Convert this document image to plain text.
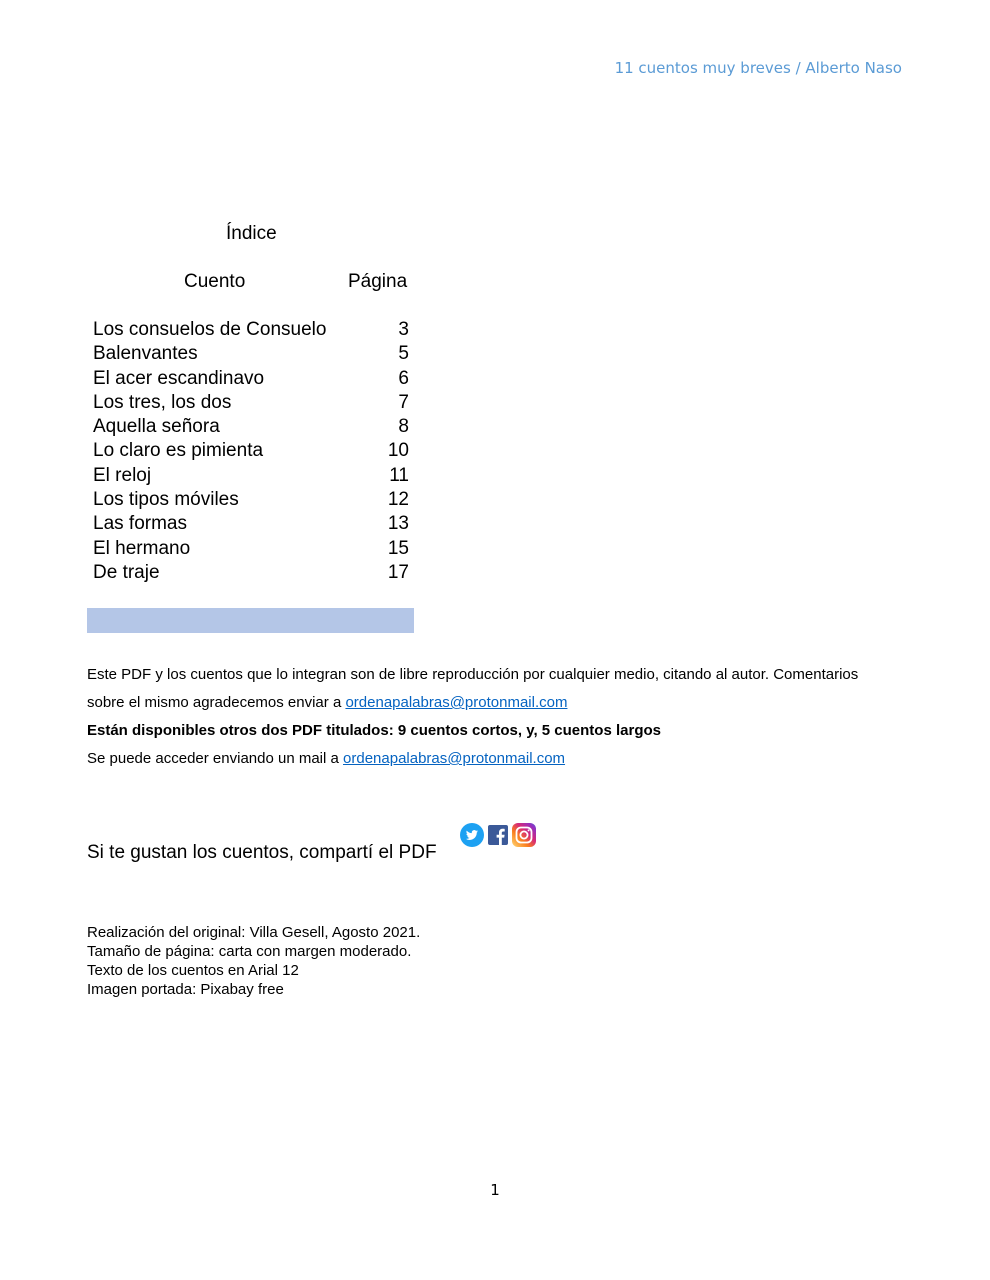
11 cuentos muy breves / Alberto Naso
Índice
Cuento	Página
Los consuelos de Consuelo	3
Balenvantes	5
El acer escandinavo	6
Los tres, los dos	7
Aquella señora	8
Lo claro es pimienta	10
El reloj	11
Los tipos móviles	12
Las formas	13
El hermano	15
De traje	17
Este PDF y los cuentos que lo integran son de libre reproducción por cualquier medio, citando al autor. Comentarios
sobre el mismo agradecemos enviar a ordenapalabras@protonmail.com
Están disponibles otros dos PDF titulados: 9 cuentos cortos, y, 5 cuentos largos
Se puede acceder enviando un mail a ordenapalabras@protonmail.com
Si te gustan los cuentos, compartí el PDF
Realización del original: Villa Gesell, Agosto 2021.
Tamaño de página: carta con margen moderado.
Texto de los cuentos en Arial 12
Imagen portada: Pixabay free
1
